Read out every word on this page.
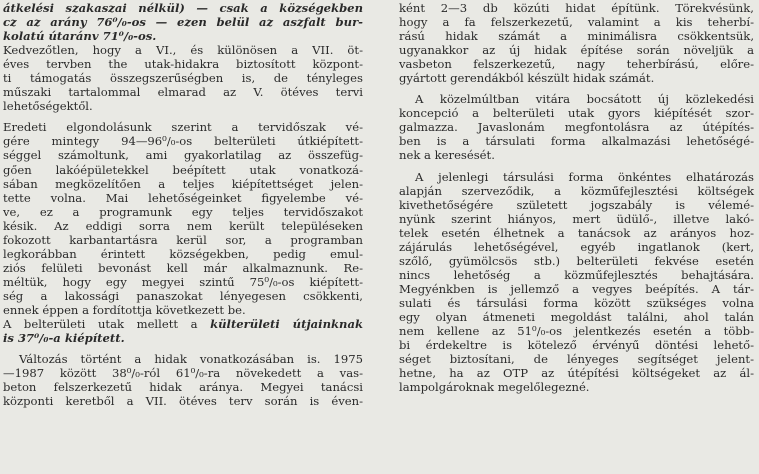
átkelési szakaszai nélkül) — csak a községekben
cz az arány 76⁰/₀-os — ezen belül az aszfalt bur-
kolatú útaránv 71⁰/₀-os.
Kedvezőtlen, hogy a VI., és különösen a VII. öt-
éves tervben the utak-hidakra biztosított központ-
ti támogatás összegszerűségben is, de tényleges
műszaki tartalommal elmarad az V. ötéves tervi
lehetőségektől.
Eredeti elgondolásunk szerint a tervidőszak vé-
gére mintegy 94—96⁰/₀-os belterületi útkiépített-
séggel számoltunk, ami gyakorlatilag az összefüg-
gően lakóépületekkel beépített utak vonatkozá-
sában megközelítően a teljes kiépítettséget jelen-
tette volna. Mai lehetőségeinket figyelembe vé-
ve, ez a programunk egy teljes tervidőszakot
késik. Az eddigi sorra nem került településeken
fokozott karbantartásra kerül sor, a programban
legkorábban érintett községekben, pedig emul-
ziós felületi bevonást kell már alkalmaznunk. Re-
méltük, hogy egy megyei szintű 75⁰/₀-os kiépített-
ség a lakossági panaszokat lényegesen csökkenti,
ennek éppen a fordítottja következett be.
A belterületi utak mellett a külterületi útjainknak
is 37⁰/₀-a kiépített.
Változás történt a hidak vonatkozásában is. 1975
—1987 között 38⁰/₀-ról 61⁰/₀-ra növekedett a vas-
beton felszerkezetű hidak aránya. Megyei tanácsi
központi keretből a VII. ötéves terv során is éven-
ként 2—3 db közúti hidat építünk. Törekvésünk,
hogy a fa felszerkezetű, valamint a kis teherbí-
rású hidak számát a minimálisra csökkentsük,
ugyanakkor az új hidak építése során növeljük a
vasbeton felszerkezetű, nagy teherbírású, előre-
gyártott gerendákból készült hidak számát.
A közelmúltban vitára bocsátott új közlekedési
koncepció a belterületi utak gyors kiépítését szor-
galmazza. Javaslonám megfontolásra az útépítés-
ben is a társulati forma alkalmazási lehetőségé-
nek a keresését.
A jelenlegi társulási forma önkéntes elhatározás
alapján szerveződik, a közműfejlesztési költségek
kivethetőségére született jogszabály is vélemé-
nyünk szerint hiányos, mert üdülő-, illetve lakó-
telek esetén élhetnek a tanácsok az arányos hoz-
zájárulás lehetőségével, egyéb ingatlanok (kert,
szőlő, gyümölcsös stb.) belterületi fekvése esetén
nincs lehetőség a közműfejlesztés behajtására.
Megyénkben is jellemző a vegyes beépítés. A tár-
sulati és társulási forma között szükséges volna
egy olyan átmeneti megoldást találni, ahol talán
nem kellene az 51⁰/₀-os jelentkezés esetén a több-
bi érdekeltre is kötelező érvényű döntési lehető-
séget biztosítani, de lényeges segítséget jelent-
hetne, ha az OTP az útépítési költségeket az ál-
lampolgároknak megelőlegezné.
